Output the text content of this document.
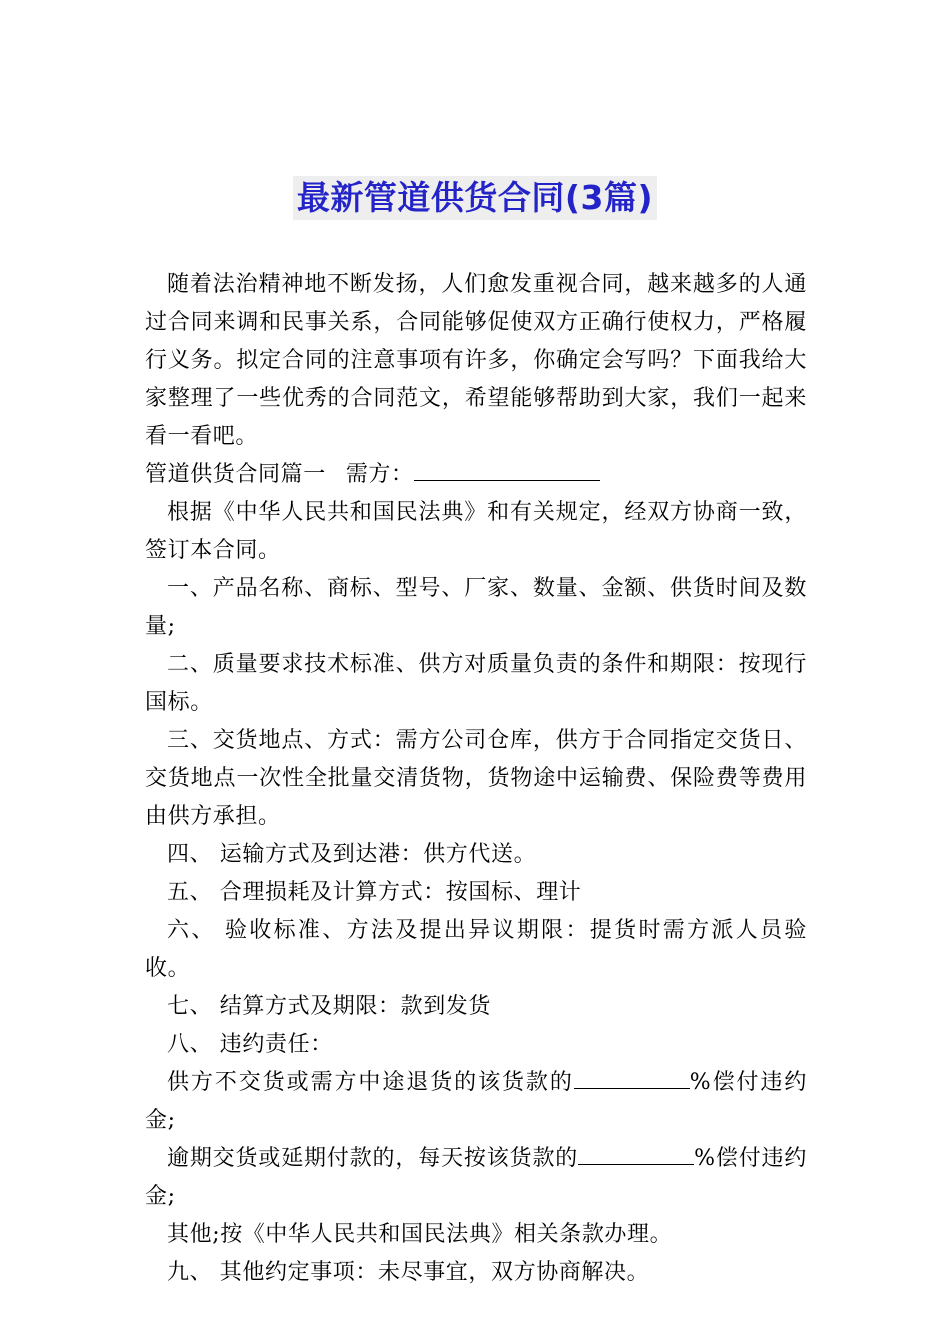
最新管道供货合同(3篇)

随着法治精神地不断发扬，人们愈发重视合同，越来越多的人通过合同来调和民事关系，合同能够促使双方正确行使权力，严格履行义务。拟定合同的注意事项有许多，你确定会写吗？下面我给大家整理了一些优秀的合同范文，希望能够帮助到大家，我们一起来看一看吧。

管道供货合同篇一 需方：

根据《中华人民共和国民法典》和有关规定，经双方协商一致，签订本合同。

一、产品名称、商标、型号、厂家、数量、金额、供货时间及数量;

二、质量要求技术标准、供方对质量负责的条件和期限：按现行国标。

三、交货地点、方式：需方公司仓库，供方于合同指定交货日、交货地点一次性全批量交清货物，货物途中运输费、保险费等费用由供方承担。

四、 运输方式及到达港：供方代送。

五、 合理损耗及计算方式：按国标、理计

六、 验收标准、方法及提出异议期限：提货时需方派人员验收。

七、 结算方式及期限：款到发货

八、 违约责任：

供方不交货或需方中途退货的该货款的	%偿付违约金;

逾期交货或延期付款的，每天按该货款的	%偿付违约金;

其他;按《中华人民共和国民法典》相关条款办理。

九、 其他约定事项：未尽事宜，双方协商解决。
